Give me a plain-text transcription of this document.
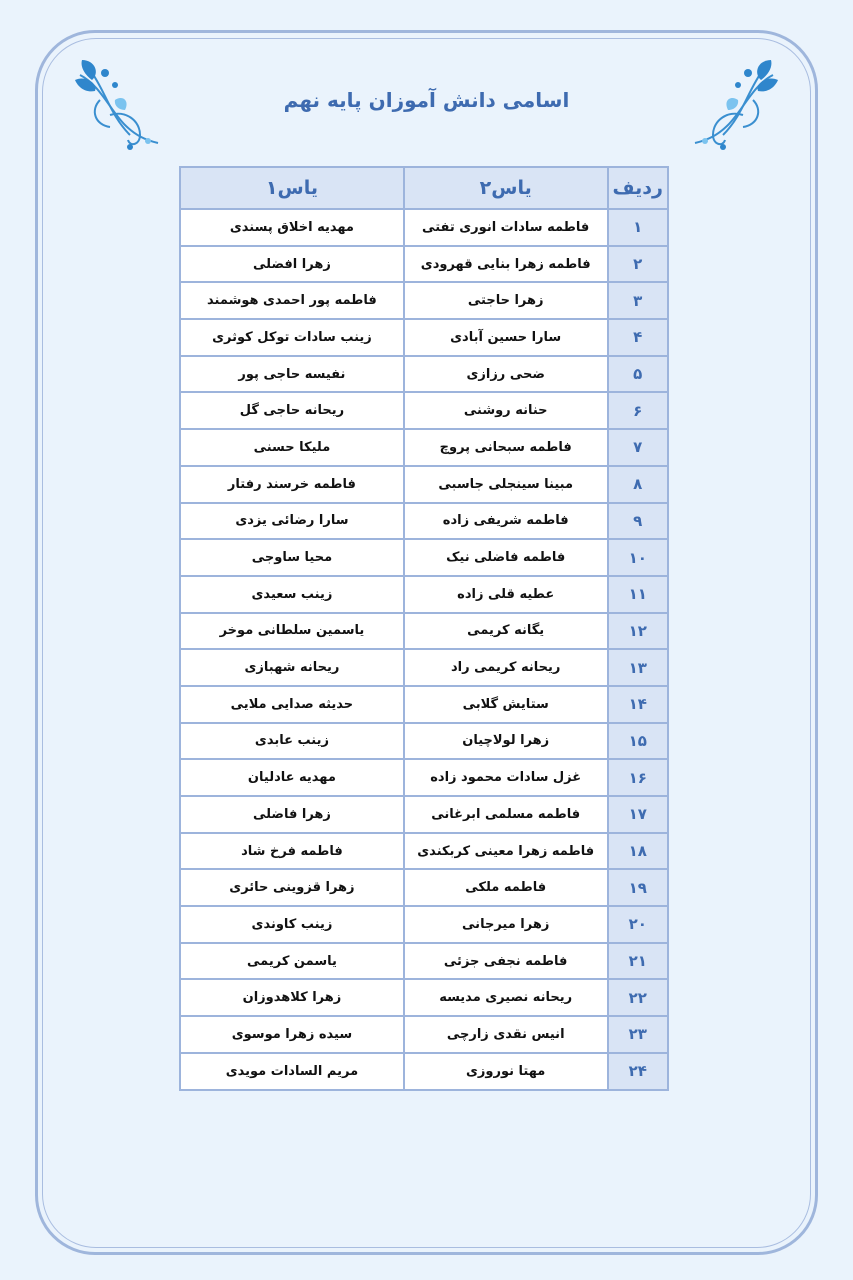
اسامی دانش آموزان پایه نهم
ردیف	یاس۲	یاس۱
۱	فاطمه سادات انوری تفتی	مهدیه اخلاق پسندی
۲	فاطمه زهرا بنایی قهرودی	زهرا افضلی
۳	زهرا حاجتی	فاطمه پور احمدی هوشمند
۴	سارا حسین آبادی	زینب سادات توکل کوثری
۵	ضحی رزازی	نفیسه حاجی پور
۶	حنانه روشنی	ریحانه حاجی گل
۷	فاطمه سبحانی پروچ	ملیکا حسنی
۸	مبینا سینجلی جاسبی	فاطمه خرسند رفتار
۹	فاطمه شریفی زاده	سارا رضائی یزدی
۱۰	فاطمه فاضلی نیک	محیا ساوجی
۱۱	عطیه قلی زاده	زینب سعیدی
۱۲	یگانه کریمی	یاسمین سلطانی موخر
۱۳	ریحانه کریمی راد	ریحانه شهبازی
۱۴	ستایش گلابی	حدیثه صدایی ملایی
۱۵	زهرا لولاچیان	زینب عابدی
۱۶	غزل سادات محمود زاده	مهدیه عادلیان
۱۷	فاطمه مسلمی ابرغانی	زهرا فاضلی
۱۸	فاطمه زهرا معینی کربکندی	فاطمه فرخ شاد
۱۹	فاطمه ملکی	زهرا قزوینی حائری
۲۰	زهرا میرجانی	زینب کاوندی
۲۱	فاطمه نجفی جزئی	یاسمن کریمی
۲۲	ریحانه نصیری مدیسه	زهرا کلاهدوزان
۲۳	انیس نقدی زارچی	سیده زهرا موسوی
۲۴	مهتا نوروزی	مریم السادات مویدی
